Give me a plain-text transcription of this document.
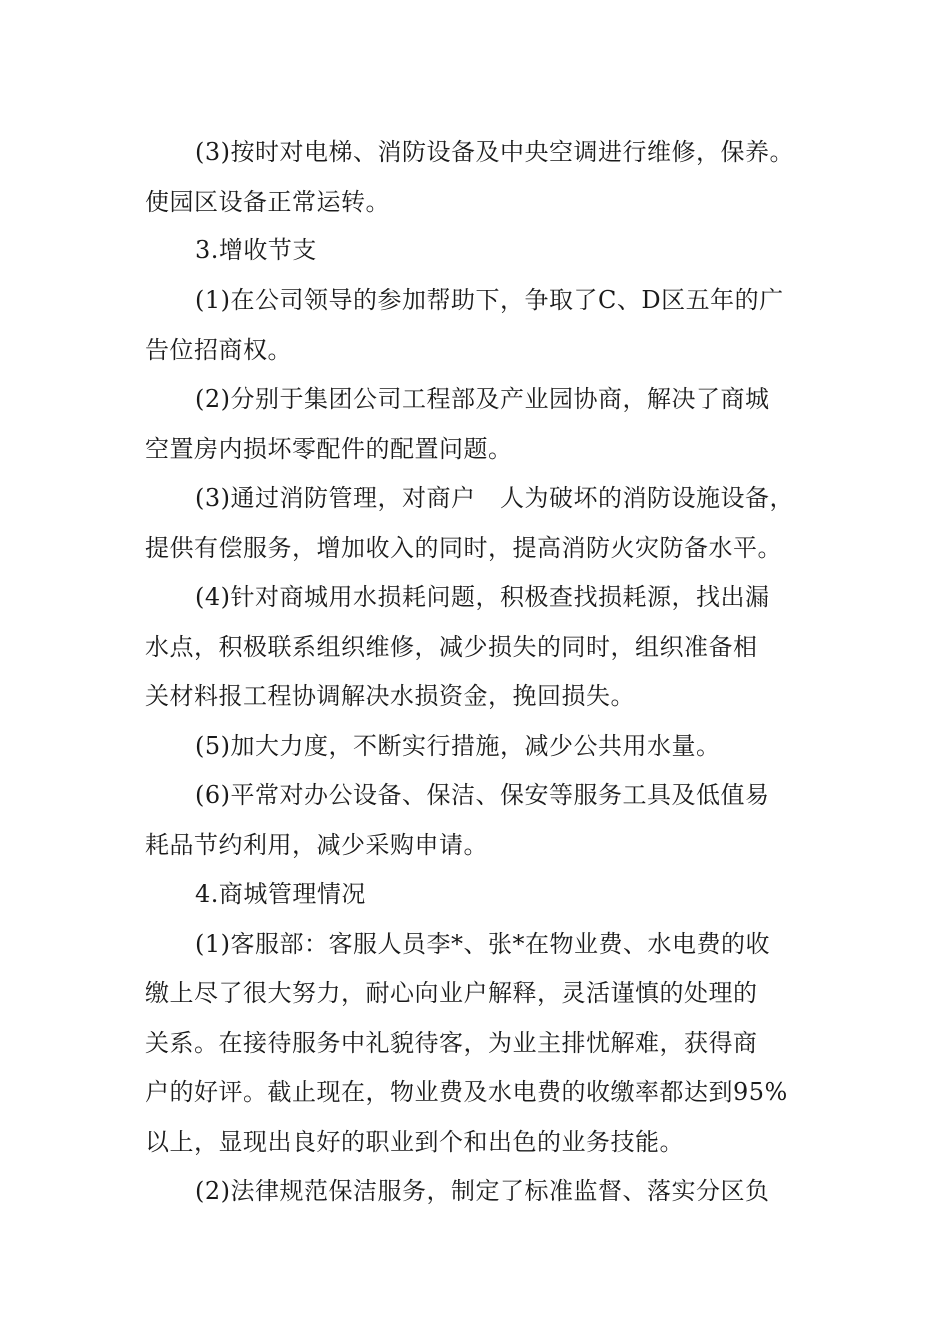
(3)按时对电梯、消防设备及中央空调进行维修，保养。

使园区设备正常运转。

3.增收节支

(1)在公司领导的参加帮助下，争取了C、D区五年的广

告位招商权。

(2)分别于集团公司工程部及产业园协商，解决了商城

空置房内损坏零配件的配置问题。

(3)通过消防管理，对商户　人为破坏的消防设施设备，

提供有偿服务，增加收入的同时，提高消防火灾防备水平。

(4)针对商城用水损耗问题，积极查找损耗源，找出漏

水点，积极联系组织维修，减少损失的同时，组织准备相

关材料报工程协调解决水损资金，挽回损失。

(5)加大力度，不断实行措施，减少公共用水量。

(6)平常对办公设备、保洁、保安等服务工具及低值易

耗品节约利用，减少采购申请。

4.商城管理情况

(1)客服部：客服人员李*、张*在物业费、水电费的收

缴上尽了很大努力，耐心向业户解释，灵活谨慎的处理的

关系。在接待服务中礼貌待客，为业主排忧解难，获得商

户的好评。截止现在，物业费及水电费的收缴率都达到95%

以上，显现出良好的职业到个和出色的业务技能。

(2)法律规范保洁服务，制定了标准监督、落实分区负
